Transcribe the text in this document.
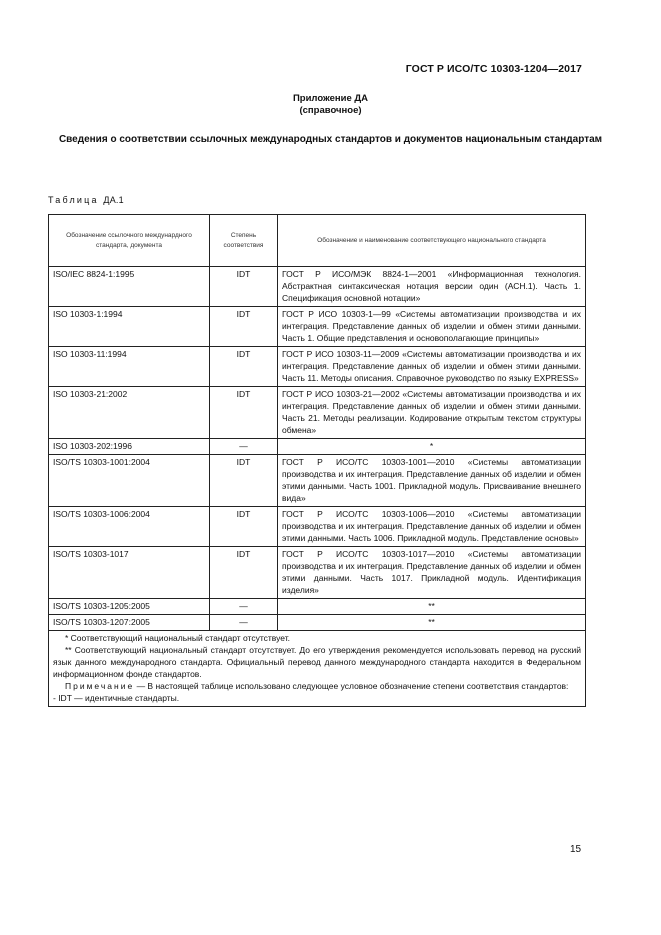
ГОСТ Р ИСО/ТС 10303-1204—2017
Приложение ДА
(справочное)
Сведения о соответствии ссылочных международных стандартов и документов национальным стандартам
Таблица ДА.1
Обозначение ссылочного междунардного стандарта, документа	Степень соответствия	Обозначение и наименование соответствующего национального стандарта
ISO/IEC 8824-1:1995	IDT	ГОСТ Р ИСО/МЭК 8824-1—2001 «Информационная технология. Абстрактная синтаксическая нотация версии один (АСН.1). Часть 1. Спецификация основной нотации»
ISO 10303-1:1994	IDT	ГОСТ Р ИСО 10303-1—99 «Системы автоматизации производства и их интеграция. Представление данных об изделии и обмен этими данными. Часть 1. Общие представления и основополагающие принципы»
ISO 10303-11:1994	IDT	ГОСТ Р ИСО 10303-11—2009 «Системы автоматизации производства и их интеграция. Представление данных об изделии и обмен этими данными. Часть 11. Методы описания. Справочное руководство по языку EXPRESS»
ISO 10303-21:2002	IDT	ГОСТ Р ИСО 10303-21—2002 «Системы автоматизации производства и их интеграция. Представление данных об изделии и обмен этими данными. Часть 21. Методы реализации. Кодирование открытым текстом структуры обмена»
ISO 10303-202:1996	—	*
ISO/TS 10303-1001:2004	IDT	ГОСТ Р ИСО/ТС 10303-1001—2010 «Системы автоматизации производства и их интеграция. Представление данных об изделии и обмен этими данными. Часть 1001. Прикладной модуль. Присваивание внешнего вида»
ISO/TS 10303-1006:2004	IDT	ГОСТ Р ИСО/ТС 10303-1006—2010 «Системы автоматизации производства и их интеграция. Представление данных об изделии и обмен этими данными. Часть 1006. Прикладной модуль. Представление основы»
ISO/TS 10303-1017	IDT	ГОСТ Р ИСО/ТС 10303-1017—2010 «Системы автоматизации производства и их интеграция. Представление данных об изделии и обмен этими данными. Часть 1017. Прикладной модуль. Идентификация изделия»
ISO/TS 10303-1205:2005	—	**
ISO/TS 10303-1207:2005	—	**

* Соответствующий национальный стандарт отсутствует.
** Соответствующий национальный стандарт отсутствует. До его утверждения рекомендуется использовать перевод на русский язык данного международного стандарта. Официальный перевод данного международного стандарта находится в Федеральном информационном фонде стандартов.
Примечание — В настоящей таблице использовано следующее условное обозначение степени соответствия стандартов:
- IDT — идентичные стандарты.		
15
